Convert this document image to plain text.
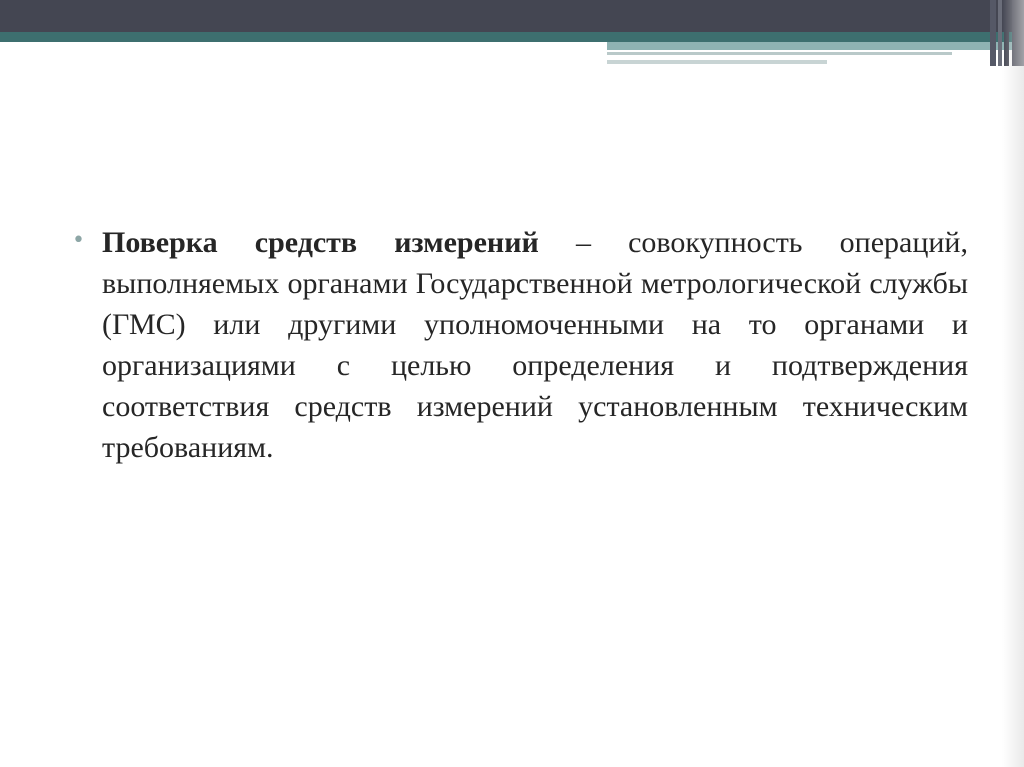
• Поверка средств измерений – совокупность операций, выполняемых органами Государственной метрологической службы (ГМС) или другими уполномоченными на то органами и организациями с целью определения и подтверждения соответствия средств измерений установленным техническим требованиям.
